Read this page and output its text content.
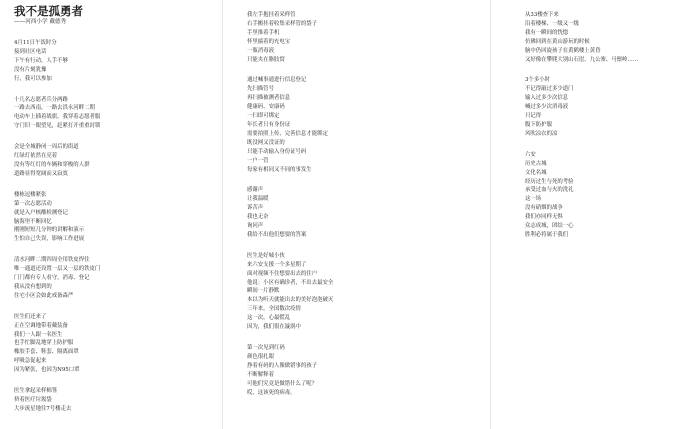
我不是孤勇者
——河西小学 戴德秀
4月11日午饭时分
接到社区电话
下午有行动，人手不够
没有片刻犹豫
行，我可以参加
十几名志愿者兵分两路
一路去西南，一路去洪永河畔二期
电动车上插着战旗，我穿着志愿者服
守门旧一眼望见，赶紧打开重重封锁
会是全城静闭一周后的街道
红绿灯依然在亮着
没有等红灯的车辆和穿梭的人群
道路显得宽阔而又寂寞
楼栋逗楼紧张
第一次志愿活动
就是入户核酸检测登记
脑海里不断回忆
刚刚短短几分钟的讲解和演示
生怕自己失误，影响工作进展
清水河畔二期四周全用铁皮焊住
唯一通道还设置一层又一层的铁皮门
门门都有专人看守，消毒、登记
我从没有想到的
住宅小区会如此戒备森严
医生们还来了
正在空调地带着戴装备
我们一人跟一名医生
也手忙脚乱地穿上防护服
橡胶手套、鞋套、隔离面罩
呼吸急促起来
因为紧张，也因为N95口罩
医生拿起采样棉签
挤着医疗垃圾袋
大步流星地往7号楼走去
我左手抱挂着采样管
右手搬挂着收集采样管的袋子
手里推着手机
怀里揣着的充电宝
一瓶消毒液
只能夹在胳肢窝
通过喊事通进行信息登记
先扫描管号
再扫描被测者信息
健康码、安康码
一扫即可绑定
年长者只有身份证
需要拍照上传，完善信息才能绑定
既没网又没证的
只能手动输入身份证号码
一户一管
每家有相同又不同的事发生
感谢声
让我温暖
诉苦声
我也无奈
询问声
我给不出他们想要的答案
医生是好城小伙
来六安支援一个多星期了
面对视频不住想要出去的住户
他说：小区有确诊者，不出去最安全
瞬间一片静默
本以为听天就能出去的美好泡泡破灭
三年来，全国数次疫情
这一次，心最慌乱
因为，我们很在漩涡中
第一次见到红码
颜色很扎眼
挣着有码的人像做错事的孩子
不断解释着
可他们究竟是做错什么了呢？
哎，这该死的病毒。
从33楼查下来
沿着楼梯，一级又一级
我有一瞬间的恍惚
仿佛回到在黄山游玩的时候
脑中仍回旋孩子在黄鹤楼上黄昏
又好像在攀爬大别山石崖、九公寨、马鬃岭……
3个多小时
不记得敲过多少道门
输入过多少次信息
喊过多少次消毒液
只记得
腹下防护服
风吹凉衣的凉
六安
历史古城
文化名城
经历过生与死的考验
承受过血与火的洗礼
这一场
没有硝烟的战争
我们亦同样无惧
众志成城，团结一心
胜利必将属于我们
